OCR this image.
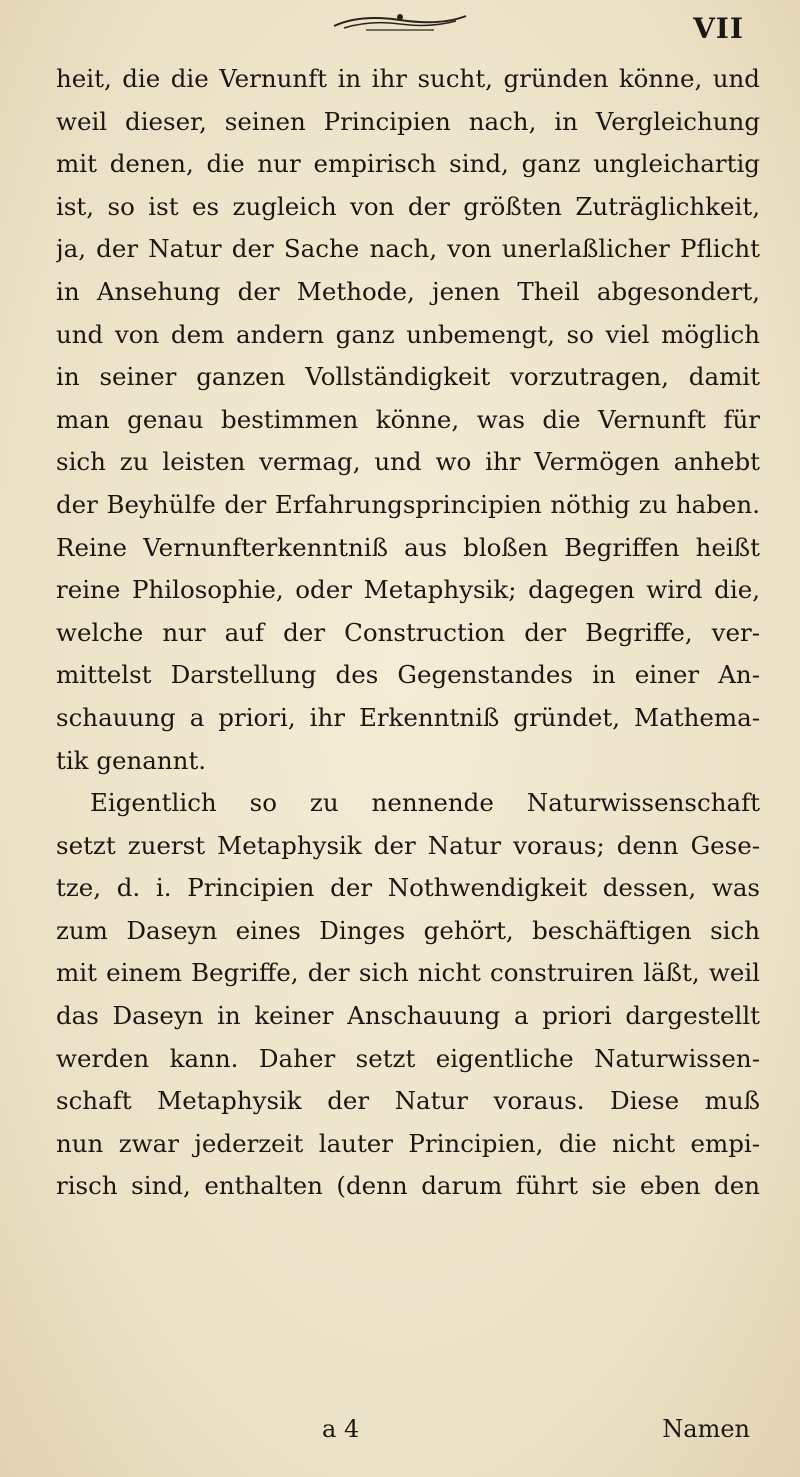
VII
heit, die die Vernunft in ihr sucht, gründen könne, und
weil dieser, seinen Principien nach, in Vergleichung
mit denen, die nur empirisch sind, ganz ungleichartig
ist, so ist es zugleich von der größten Zuträglichkeit,
ja, der Natur der Sache nach, von unerlaßlicher Pflicht
in Ansehung der Methode, jenen Theil abgesondert,
und von dem andern ganz unbemengt, so viel möglich
in seiner ganzen Vollständigkeit vorzutragen, damit
man genau bestimmen könne, was die Vernunft für
sich zu leisten vermag, und wo ihr Vermögen anhebt
der Beyhülfe der Erfahrungsprincipien nöthig zu haben.
Reine Vernunfterkenntniß aus bloßen Begriffen heißt
reine Philosophie, oder Metaphysik; dagegen wird die,
welche nur auf der Construction der Begriffe, ver-
mittelst Darstellung des Gegenstandes in einer An-
schauung a priori, ihr Erkenntniß gründet, Mathema-
tik genannt.
Eigentlich so zu nennende Naturwissenschaft
setzt zuerst Metaphysik der Natur voraus; denn Gese-
tze, d. i. Principien der Nothwendigkeit dessen, was
zum Daseyn eines Dinges gehört, beschäftigen sich
mit einem Begriffe, der sich nicht construiren läßt, weil
das Daseyn in keiner Anschauung a priori dargestellt
werden kann. Daher setzt eigentliche Naturwissen-
schaft Metaphysik der Natur voraus. Diese muß
nun zwar jederzeit lauter Principien, die nicht empi-
risch sind, enthalten (denn darum führt sie eben den
a 4	Namen
